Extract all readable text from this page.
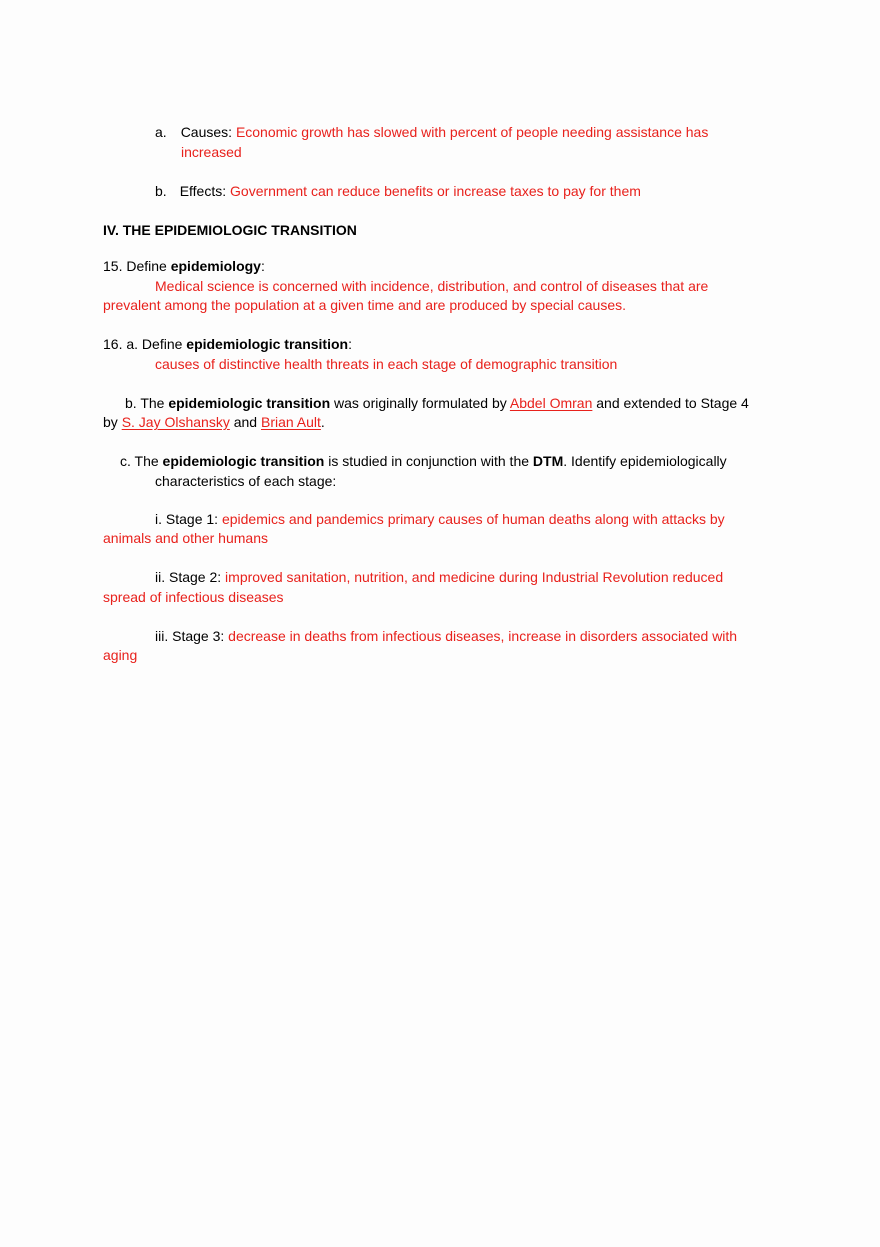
a. Causes: Economic growth has slowed with percent of people needing assistance has
increased
b. Effects: Government can reduce benefits or increase taxes to pay for them
IV. THE EPIDEMIOLOGIC TRANSITION
15. Define epidemiology:
Medical science is concerned with incidence, distribution, and control of diseases that are
prevalent among the population at a given time and are produced by special causes.
16. a. Define epidemiologic transition:
causes of distinctive health threats in each stage of demographic transition
b. The epidemiologic transition was originally formulated by Abdel Omran and extended to Stage 4
by S. Jay Olshansky and Brian Ault.
c. The epidemiologic transition is studied in conjunction with the DTM. Identify epidemiologically
characteristics of each stage:
i. Stage 1: epidemics and pandemics primary causes of human deaths along with attacks by
animals and other humans
ii. Stage 2: improved sanitation, nutrition, and medicine during Industrial Revolution reduced
spread of infectious diseases
iii. Stage 3: decrease in deaths from infectious diseases, increase in disorders associated with
aging
